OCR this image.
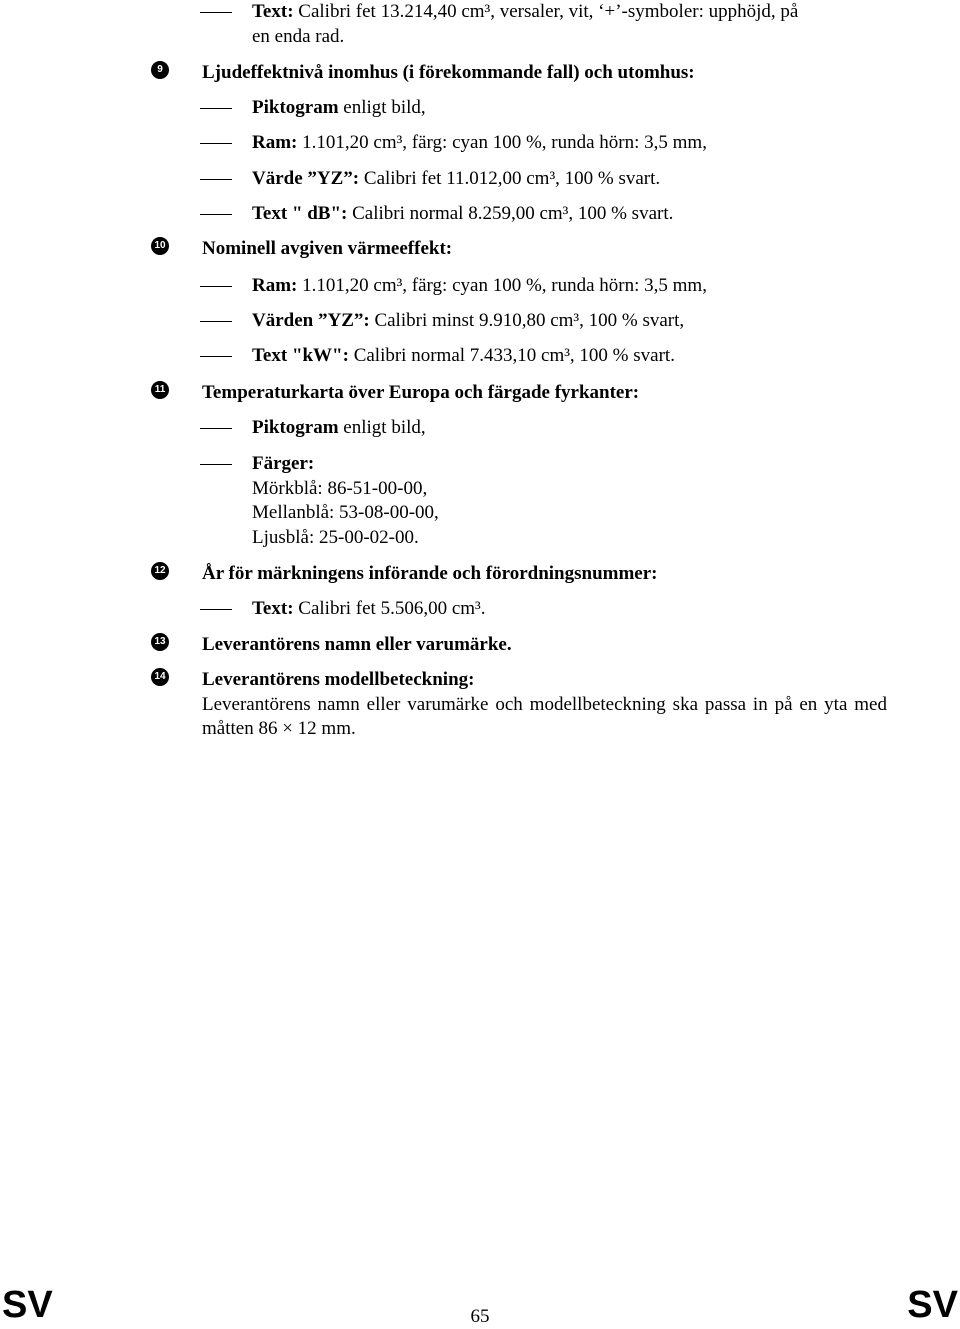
Text: Calibri fet 13.214,40 cm³, versaler, vit, ‘+’-symboler: upphöjd, på
en enda rad.
9	Ljudeffektnivå inomhus (i förekommande fall) och utomhus:
Piktogram enligt bild,
Ram: 1.101,20 cm³, färg: cyan 100 %, runda hörn: 3,5 mm,
Värde ”YZ”: Calibri fet 11.012,00 cm³, 100 % svart.
Text " dB": Calibri normal 8.259,00 cm³, 100 % svart.
10 Nominell avgiven värmeeffekt:
Ram: 1.101,20 cm³, färg: cyan 100 %, runda hörn: 3,5 mm,
Värden ”YZ”: Calibri minst 9.910,80 cm³, 100 % svart,
Text "kW": Calibri normal 7.433,10 cm³, 100 % svart.
11 Temperaturkarta över Europa och färgade fyrkanter:
Piktogram enligt bild,
Färger:
Mörkblå: 86-51-00-00,
Mellanblå: 53-08-00-00,
Ljusblå: 25-00-02-00.
12 År för märkningens införande och förordningsnummer:
Text: Calibri fet 5.506,00 cm³.
13 Leverantörens namn eller varumärke.
14 Leverantörens modellbeteckning:
Leverantörens namn eller varumärke och modellbeteckning ska passa in på en yta med måtten 86 × 12 mm.
SV	65	SV
